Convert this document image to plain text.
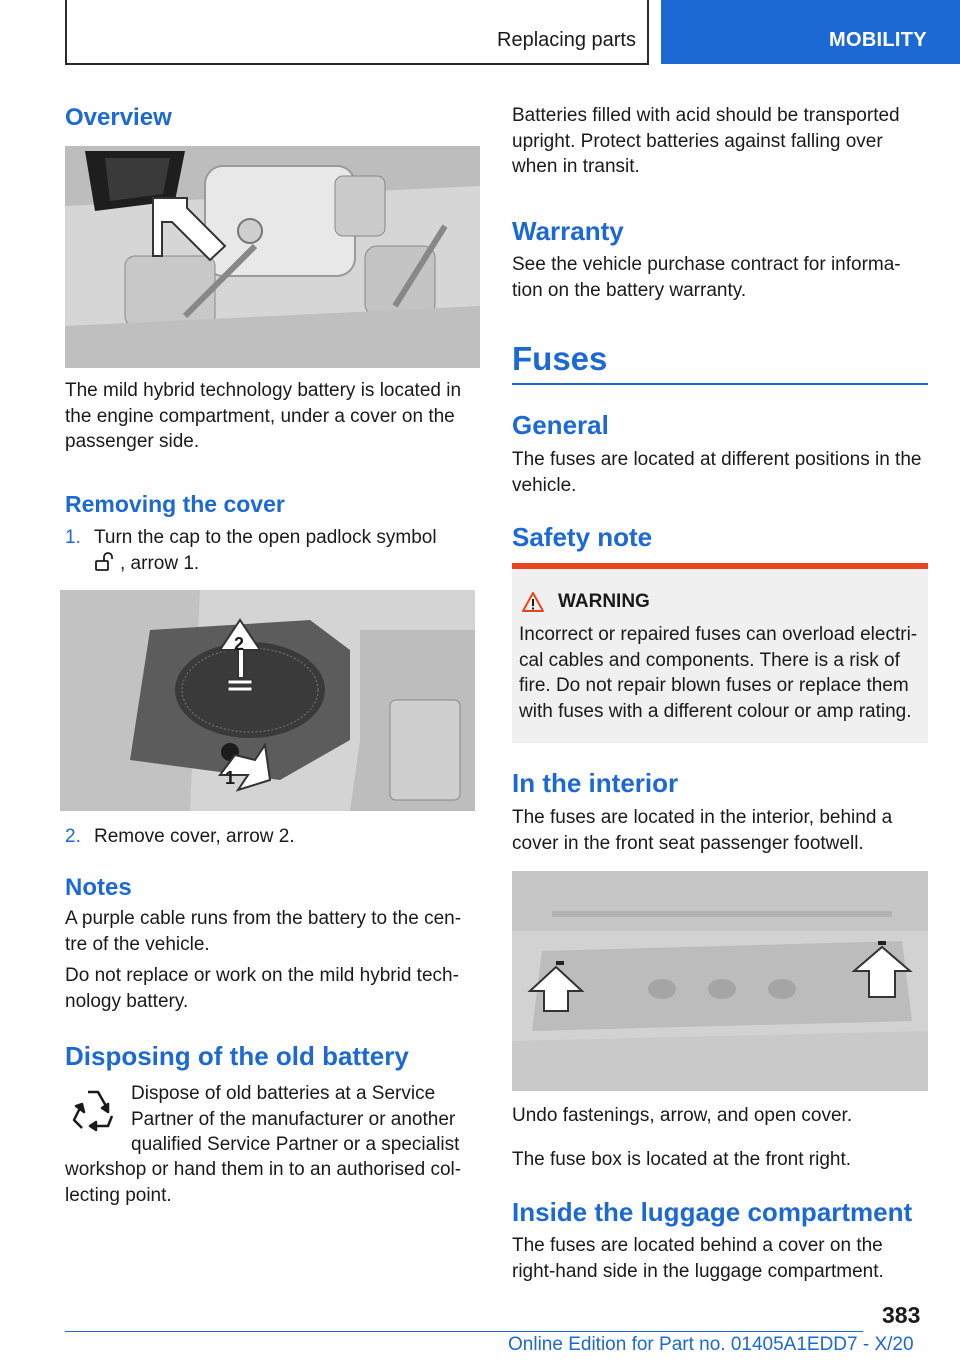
Replacing parts	MOBILITY
Overview

The mild hybrid technology battery is located in the engine compartment, under a cover on the passenger side.

Removing the cover
1. Turn the cap to the open padlock symbol
, arrow 1.

2
1
2. Remove cover, arrow 2.

Notes

A purple cable runs from the battery to the cen- tre of the vehicle.

Do not replace or work on the mild hybrid tech- nology battery.

Disposing of the old battery

Dispose of old batteries at a Service Partner of the manufacturer or another qualified Service Partner or a specialist

workshop or hand them in to an authorised col- lecting point.

Batteries filled with acid should be transported upright. Protect batteries against falling over when in transit.

Warranty

See the vehicle purchase contract for informa- tion on the battery warranty.

Fuses
General

The fuses are located at different positions in the vehicle.

Safety note
WARNING

Incorrect or repaired fuses can overload electri- cal cables and components. There is a risk of fire. Do not repair blown fuses or replace them with fuses with a different colour or amp rating.

In the interior

The fuses are located in the interior, behind a cover in the front seat passenger footwell.

Undo fastenings, arrow, and open cover.

The fuse box is located at the front right.

Inside the luggage compartment

The fuses are located behind a cover on the right-hand side in the luggage compartment.

383
Online Edition for Part no. 01405A1EDD7 - X/20
